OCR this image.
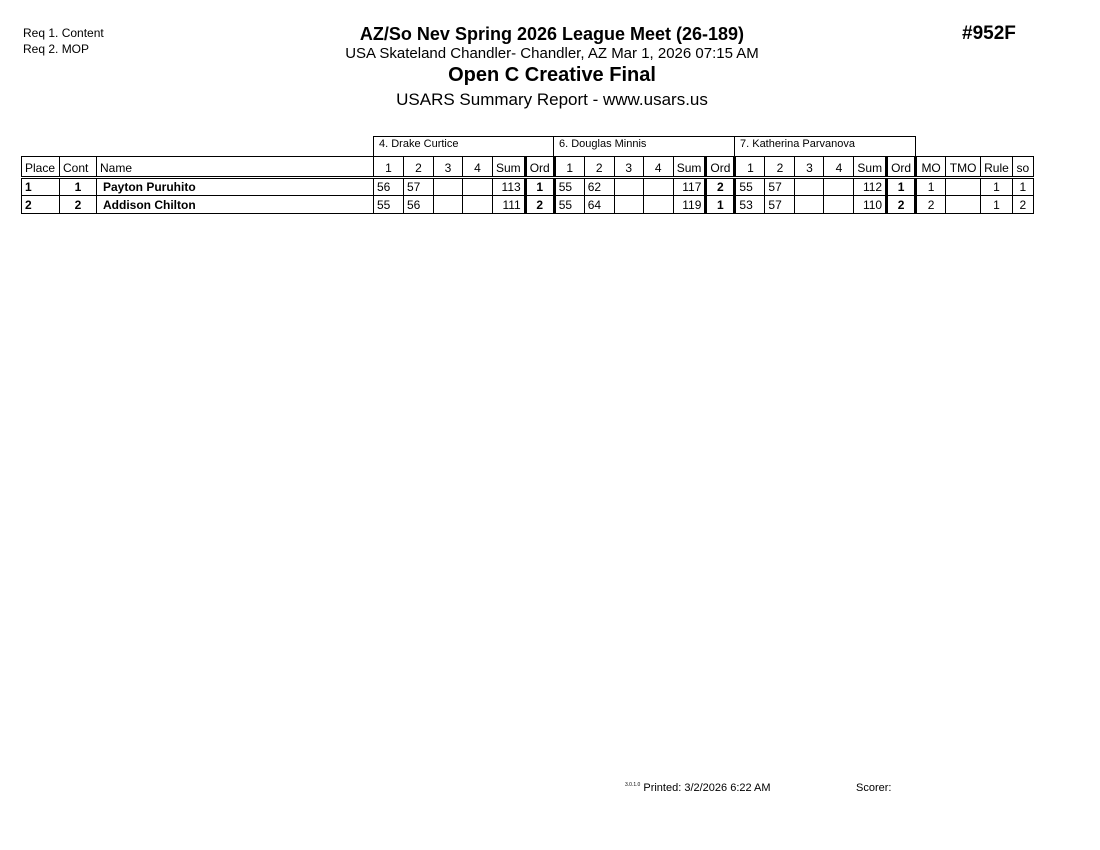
Req 1. Content
Req 2. MOP
AZ/So Nev Spring 2026 League Meet (26-189)
USA Skateland Chandler- Chandler, AZ Mar 1, 2026 07:15 AM
Open C Creative Final
USARS Summary Report - www.usars.us
#952F
4. Drake Curtice	6. Douglas Minnis	7. Katherina Parvanova
Place	Cont	Name	1	2	3	4	Sum	Ord	1	2	3	4	Sum	Ord	1	2	3	4	Sum	Ord	MO	TMO	Rule	so
1	1	Payton Puruhito	56	57			113	1	55	62			117	2	55	57			112	1	1		1	1
2	2	Addison Chilton	55	56			111	2	55	64			119	1	53	57			110	2	2		1	2
$^{3.0.1.0}$ Printed: 3/2/2026 6:22 AM	Scorer:
